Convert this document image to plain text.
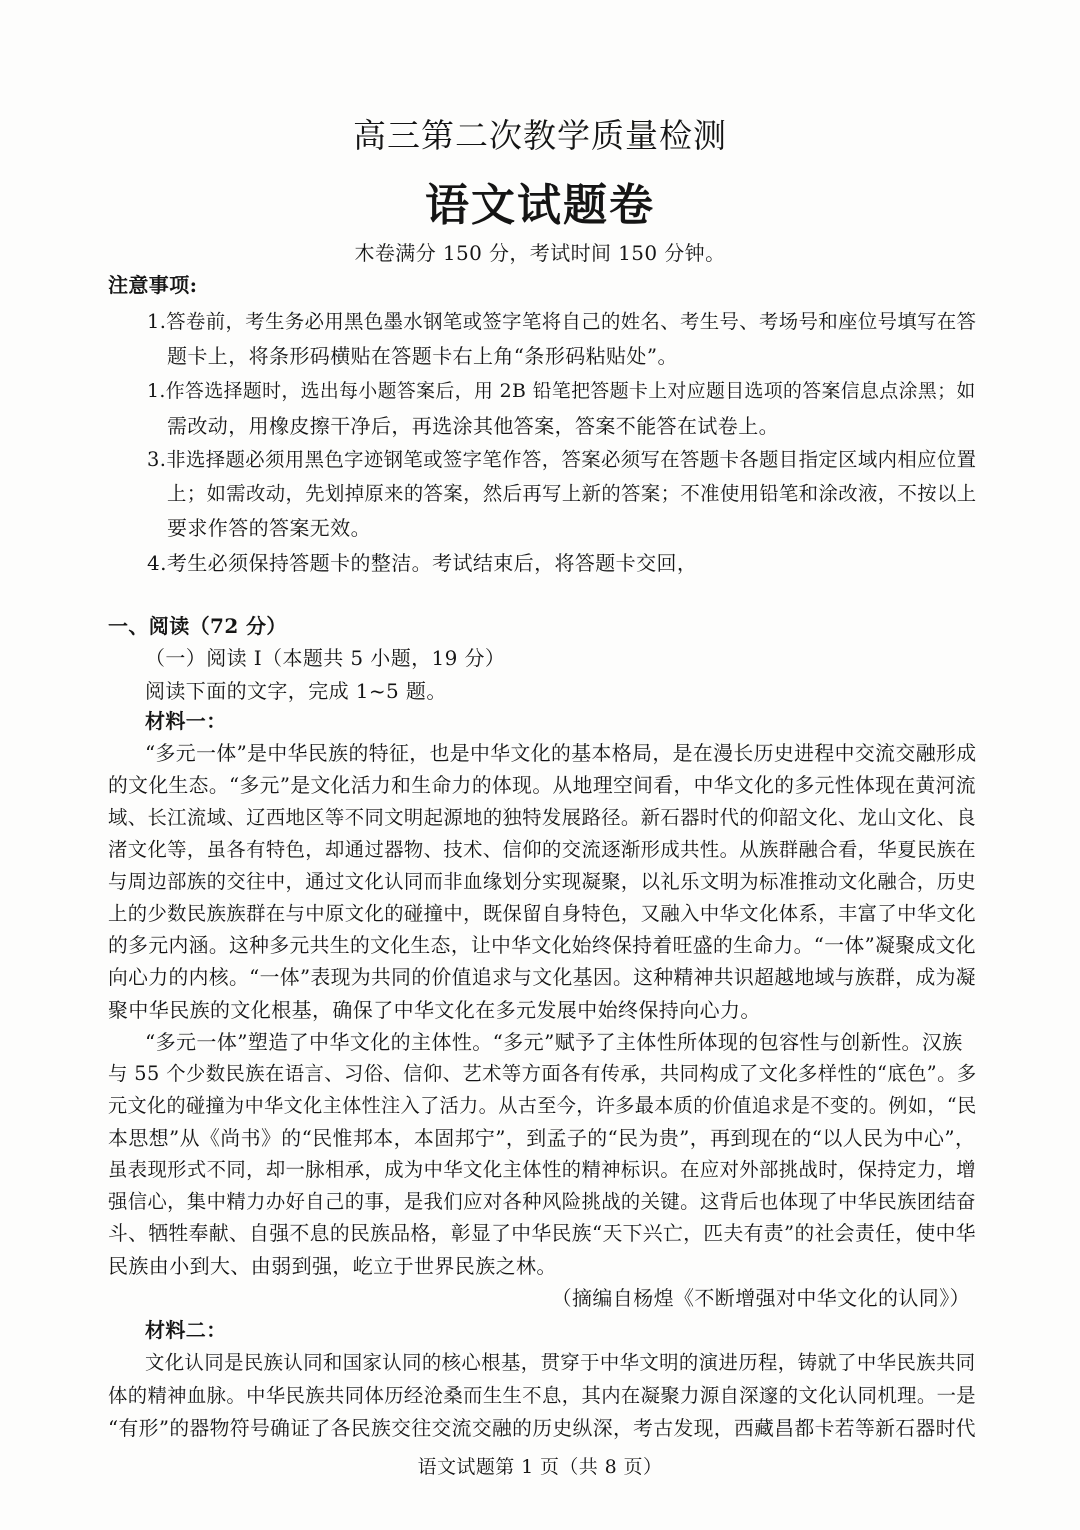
高三第二次教学质量检测
语文试题卷

木卷满分 150 分，考试时间 150 分钟。

注意事项:

1.答卷前，考生务必用黑色墨水钢笔或签字笔将自己的姓名、考生号、考场号和座位号填写在答

题卡上，将条形码横贴在答题卡右上角“条形码粘贴处”。

1.作答选择题时，选出每小题答案后，用 2B 铅笔把答题卡上对应题目选项的答案信息点涂黑；如

需改动，用橡皮擦干净后，再选涂其他答案，答案不能答在试卷上。

3.非选择题必须用黑色字迹钢笔或签字笔作答，答案必须写在答题卡各题目指定区域内相应位置

上；如需改动，先划掉原来的答案，然后再写上新的答案；不准使用铅笔和涂改液，不按以上

要求作答的答案无效。

4.考生必须保持答题卡的整洁。考试结束后，将答题卡交回，

一、阅读（72 分）

（一）阅读 I（本题共 5 小题，19 分）

阅读下面的文字，完成 1~5 题。

材料一：

“多元一体”是中华民族的特征，也是中华文化的基本格局，是在漫长历史进程中交流交融形成

的文化生态。“多元”是文化活力和生命力的体现。从地理空间看，中华文化的多元性体现在黄河流

域、长江流域、辽西地区等不同文明起源地的独特发展路径。新石器时代的仰韶文化、龙山文化、良

渚文化等，虽各有特色，却通过器物、技术、信仰的交流逐渐形成共性。从族群融合看，华夏民族在

与周边部族的交往中，通过文化认同而非血缘划分实现凝聚，以礼乐文明为标准推动文化融合，历史

上的少数民族族群在与中原文化的碰撞中，既保留自身特色，又融入中华文化体系，丰富了中华文化

的多元内涵。这种多元共生的文化生态，让中华文化始终保持着旺盛的生命力。“一体”凝聚成文化

向心力的内核。“一体”表现为共同的价值追求与文化基因。这种精神共识超越地域与族群，成为凝

聚中华民族的文化根基，确保了中华文化在多元发展中始终保持向心力。

“多元一体”塑造了中华文化的主体性。“多元”赋予了主体性所体现的包容性与创新性。汉族

与 55 个少数民族在语言、习俗、信仰、艺术等方面各有传承，共同构成了文化多样性的“底色”。多

元文化的碰撞为中华文化主体性注入了活力。从古至今，许多最本质的价值追求是不变的。例如，“民

本思想”从《尚书》的“民惟邦本，本固邦宁”，到孟子的“民为贵”，再到现在的“以人民为中心”，

虽表现形式不同，却一脉相承，成为中华文化主体性的精神标识。在应对外部挑战时，保持定力，增

强信心，集中精力办好自己的事，是我们应对各种风险挑战的关键。这背后也体现了中华民族团结奋

斗、牺牲奉献、自强不息的民族品格，彰显了中华民族“天下兴亡，匹夫有责”的社会责任，使中华

民族由小到大、由弱到强，屹立于世界民族之林。

（摘编自杨煌《不断增强对中华文化的认同》）

材料二：

文化认同是民族认同和国家认同的核心根基，贯穿于中华文明的演进历程，铸就了中华民族共同

体的精神血脉。中华民族共同体历经沧桑而生生不息，其内在凝聚力源自深邃的文化认同机理。一是

“有形”的器物符号确证了各民族交往交流交融的历史纵深，考古发现，西藏昌都卡若等新石器时代

语文试题第 1 页（共 8 页）
